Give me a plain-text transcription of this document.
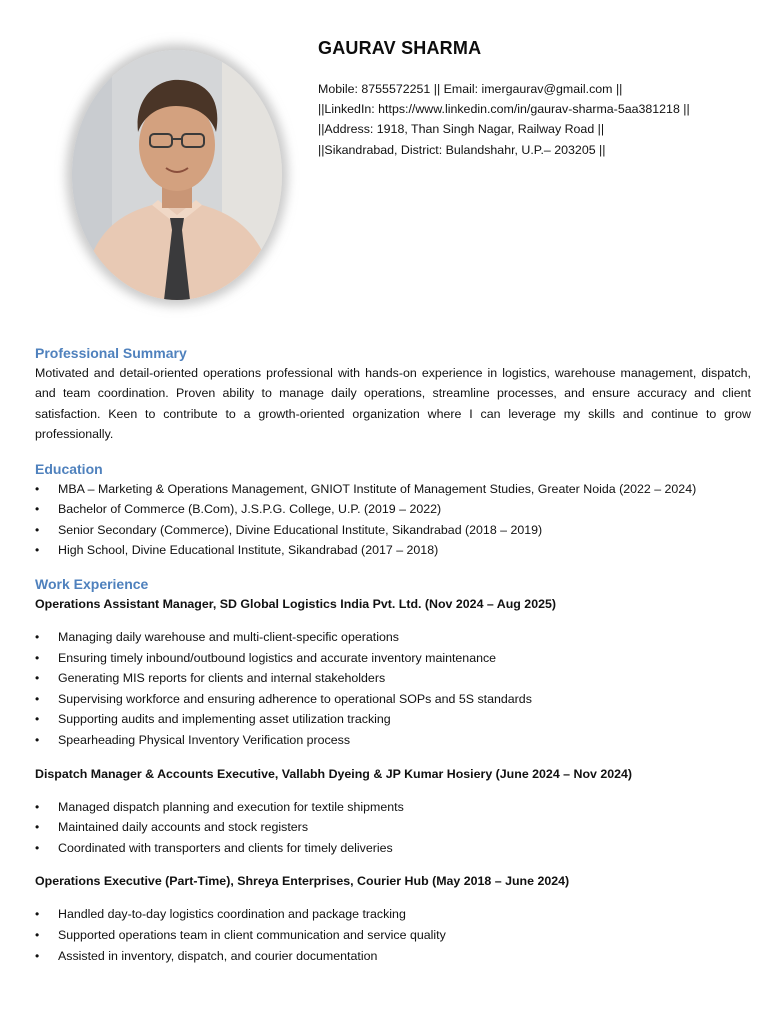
GAURAV SHARMA
Mobile: 8755572251 || Email: imergaurav@gmail.com ||
||LinkedIn: https://www.linkedin.com/in/gaurav-sharma-5aa381218 ||
||Address: 1918, Than Singh Nagar, Railway Road ||
||Sikandrabad, District: Bulandshahr, U.P.– 203205 ||
Professional Summary

Motivated and detail-oriented operations professional with hands-on experience in logistics, warehouse management, dispatch, and team coordination. Proven ability to manage daily operations, streamline processes, and ensure accuracy and client satisfaction. Keen to contribute to a growth-oriented organization where I can leverage my skills and continue to grow professionally.

Education
• MBA – Marketing & Operations Management, GNIOT Institute of Management Studies, Greater Noida (2022 – 2024)
• Bachelor of Commerce (B.Com), J.S.P.G. College, U.P. (2019 – 2022)
• Senior Secondary (Commerce), Divine Educational Institute, Sikandrabad (2018 – 2019)
• High School, Divine Educational Institute, Sikandrabad (2017 – 2018)
Work Experience

Operations Assistant Manager, SD Global Logistics India Pvt. Ltd. (Nov 2024 – Aug 2025)

• Managing daily warehouse and multi-client-specific operations
• Ensuring timely inbound/outbound logistics and accurate inventory maintenance
• Generating MIS reports for clients and internal stakeholders
• Supervising workforce and ensuring adherence to operational SOPs and 5S standards
• Supporting audits and implementing asset utilization tracking
• Spearheading Physical Inventory Verification process

Dispatch Manager & Accounts Executive, Vallabh Dyeing & JP Kumar Hosiery (June 2024 – Nov 2024)

• Managed dispatch planning and execution for textile shipments
• Maintained daily accounts and stock registers
• Coordinated with transporters and clients for timely deliveries

Operations Executive (Part-Time), Shreya Enterprises, Courier Hub (May 2018 – June 2024)

• Handled day-to-day logistics coordination and package tracking
• Supported operations team in client communication and service quality
• Assisted in inventory, dispatch, and courier documentation
